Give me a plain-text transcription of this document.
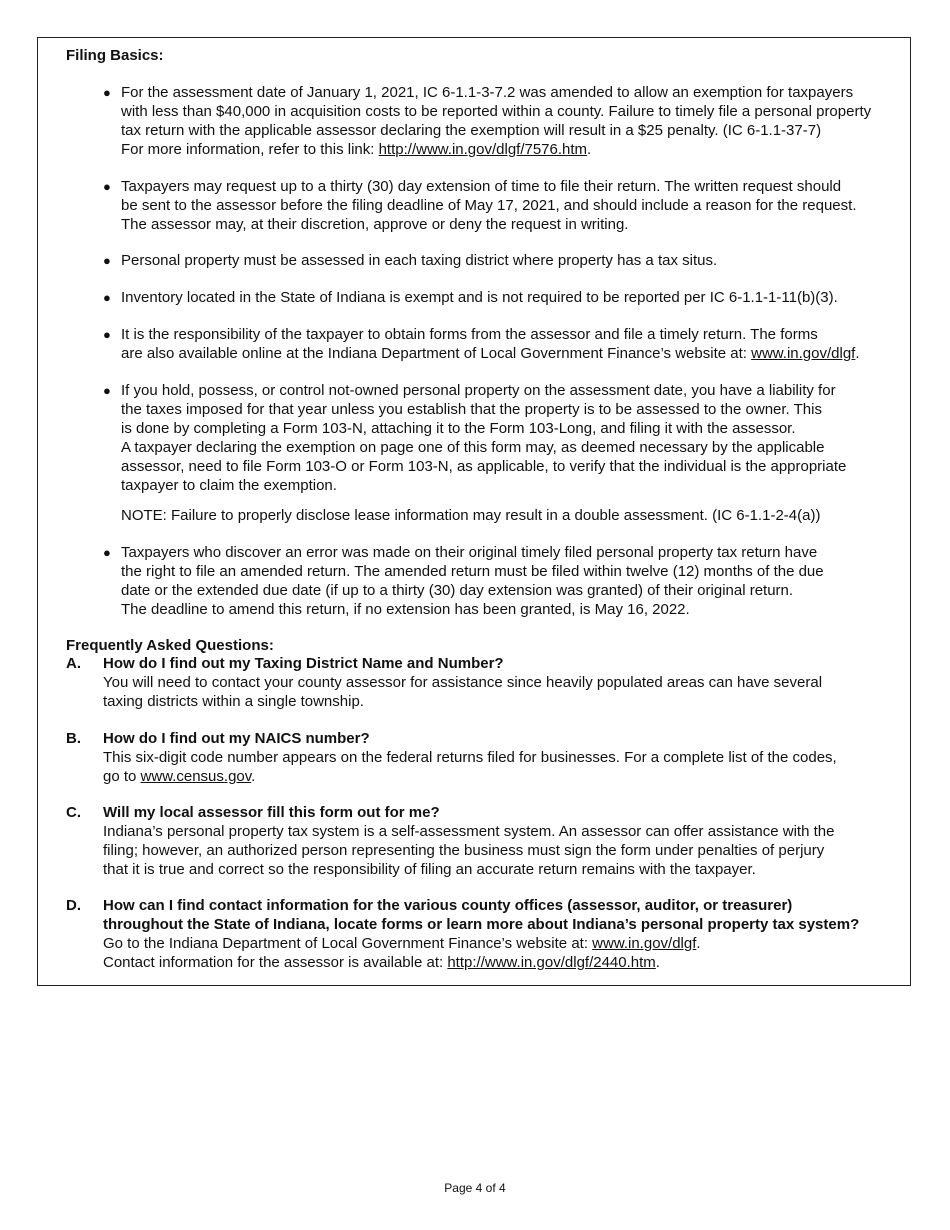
Filing Basics:
● For the assessment date of January 1, 2021, IC 6-1.1-3-7.2 was amended to allow an exemption for taxpayers
with less than $40,000 in acquisition costs to be reported within a county. Failure to timely file a personal property
tax return with the applicable assessor declaring the exemption will result in a $25 penalty. (IC 6-1.1-37-7)
For more information, refer to this link: http://www.in.gov/dlgf/7576.htm.
● Taxpayers may request up to a thirty (30) day extension of time to file their return. The written request should
be sent to the assessor before the filing deadline of May 17, 2021, and should include a reason for the request.
The assessor may, at their discretion, approve or deny the request in writing.
● Personal property must be assessed in each taxing district where property has a tax situs.
● Inventory located in the State of Indiana is exempt and is not required to be reported per IC 6-1.1-1-11(b)(3).
● It is the responsibility of the taxpayer to obtain forms from the assessor and file a timely return. The forms
are also available online at the Indiana Department of Local Government Finance’s website at: www.in.gov/dlgf.
● If you hold, possess, or control not-owned personal property on the assessment date, you have a liability for
the taxes imposed for that year unless you establish that the property is to be assessed to the owner. This
is done by completing a Form 103-N, attaching it to the Form 103-Long, and filing it with the assessor.
A taxpayer declaring the exemption on page one of this form may, as deemed necessary by the applicable
assessor, need to file Form 103-O or Form 103-N, as applicable, to verify that the individual is the appropriate
taxpayer to claim the exemption.
● Taxpayers who discover an error was made on their original timely filed personal property tax return have
the right to file an amended return. The amended return must be filed within twelve (12) months of the due
date or the extended due date (if up to a thirty (30) day extension was granted) of their original return.
The deadline to amend this return, if no extension has been granted, is May 16, 2022.
NOTE: Failure to properly disclose lease information may result in a double assessment. (IC 6-1.1-2-4(a))
Frequently Asked Questions:
A. How do I find out my Taxing District Name and Number?
You will need to contact your county assessor for assistance since heavily populated areas can have several
taxing districts within a single township.
B. How do I find out my NAICS number?
This six-digit code number appears on the federal returns filed for businesses. For a complete list of the codes,
go to www.census.gov.
C. Will my local assessor fill this form out for me?
Indiana’s personal property tax system is a self-assessment system. An assessor can offer assistance with the
filing; however, an authorized person representing the business must sign the form under penalties of perjury
that it is true and correct so the responsibility of filing an accurate return remains with the taxpayer.
D. How can I find contact information for the various county offices (assessor, auditor, or treasurer)
throughout the State of Indiana, locate forms or learn more about Indiana’s personal property tax system?
Go to the Indiana Department of Local Government Finance’s website at: www.in.gov/dlgf.
Contact information for the assessor is available at: http://www.in.gov/dlgf/2440.htm.
Page 4 of 4
